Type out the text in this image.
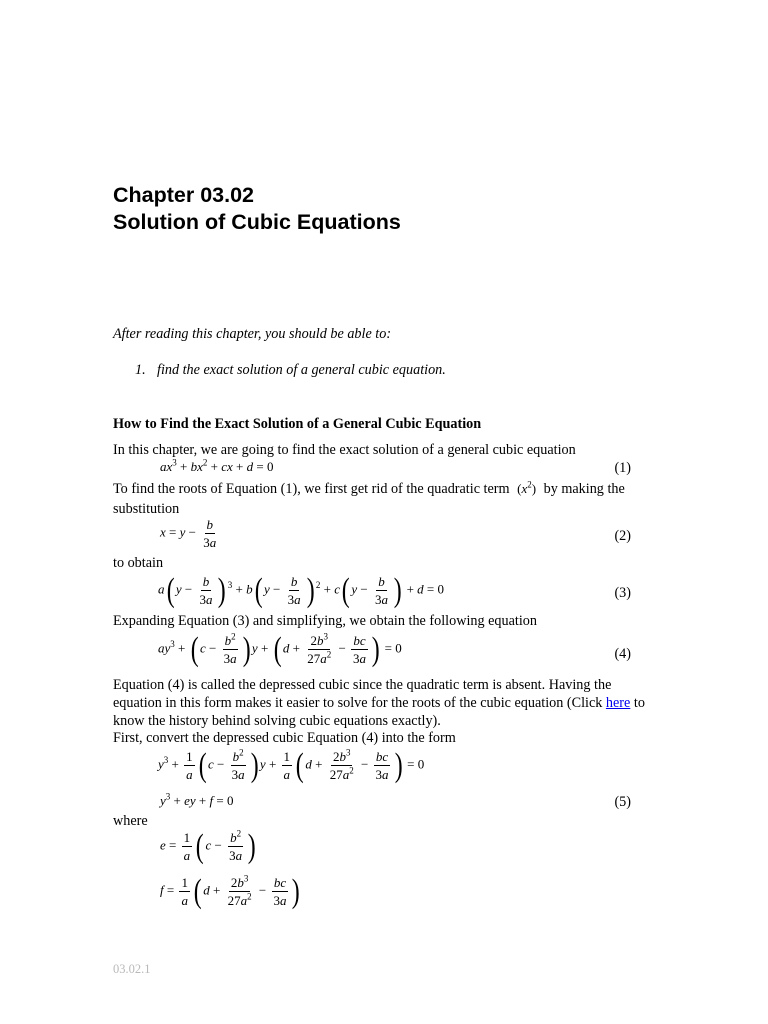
Chapter 03.02
Solution of Cubic Equations
After reading this chapter, you should be able to:
1. find the exact solution of a general cubic equation.
How to Find the Exact Solution of a General Cubic Equation
In this chapter, we are going to find the exact solution of a general cubic equation
$ax^3 + bx^2$ + cx + d = 0	(1)
To find the roots of Equation (1), we first get rid of the quadratic term $(x^2)$ by making the
substitution
$x = y - \frac{b}{3a}$	(2)
to obtain
a( $y - \frac{b}{3a}$ ) $^3$ + b( $y - \frac{b}{3a}$ ) $^2$ + c( $y - \frac{b}{3a}$ ) + d = 0	(3)
Expanding Equation (3) and simplifying, we obtain the following equation
$ay^3$ + ( $c - \frac{b^2}{3a}$ ) y + ( $d + \frac{2b^3}{27a^2} - \frac{bc}{3a}$ ) = 0	(4)
Equation (4) is called the depressed cubic since the quadratic term is absent. Having the
equation in this form makes it easier to solve for the roots of the cubic equation (Click here to
know the history behind solving cubic equations exactly).
First, convert the depressed cubic Equation (4) into the form
$y^3 + \frac{1}{a}$ ( $c - \frac{b^2}{3a}$ ) $y + \frac{1}{a}$ ( $d + \frac{2b^3}{27a^2} - \frac{bc}{3a}$ ) = 0
$y^3$ + ey + f = 0	(5)
where
$e = \frac{1}{a}$ ( $c - \frac{b^2}{3a}$ )
$f = \frac{1}{a}$ ( $d + \frac{2b^3}{27a^2} - \frac{bc}{3a}$ )
03.02.1
